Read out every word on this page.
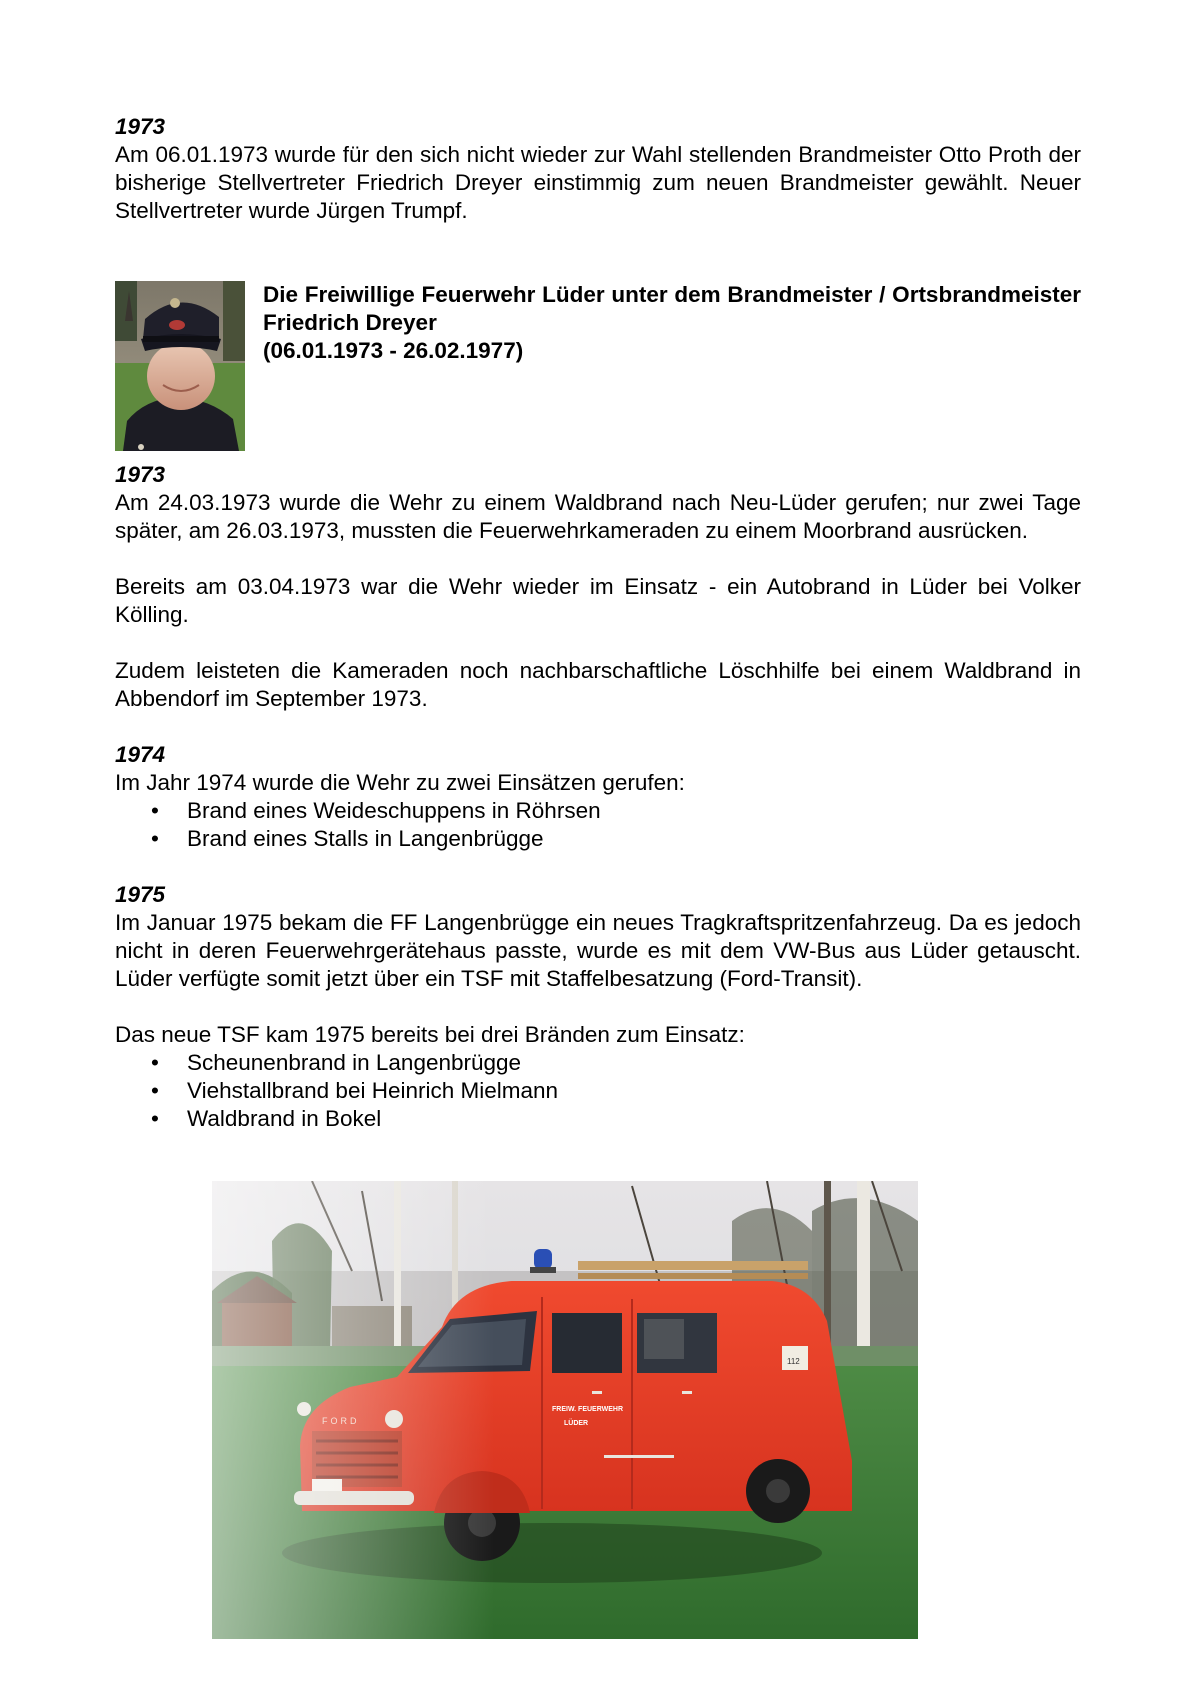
1973

Am 06.01.1973 wurde für den sich nicht wieder zur Wahl stellenden Brandmeister Otto Proth der bisherige Stellvertreter Friedrich Dreyer einstimmig zum neuen Brandmeister gewählt. Neuer Stellvertreter wurde Jürgen Trumpf.

Die Freiwillige Feuerwehr Lüder unter dem Brandmeister / Ortsbrandmeister Friedrich Dreyer
(06.01.1973 - 26.02.1977)
1973

Am 24.03.1973 wurde die Wehr zu einem Waldbrand nach Neu-Lüder gerufen; nur zwei Tage später, am 26.03.1973, mussten die Feuerwehrkameraden zu einem Moorbrand ausrücken.

Bereits am 03.04.1973 war die Wehr wieder im Einsatz - ein Autobrand in Lüder bei Volker Kölling.

Zudem leisteten die Kameraden noch nachbarschaftliche Löschhilfe bei einem Waldbrand in Abbendorf im September 1973.

1974

Im Jahr 1974 wurde die Wehr zu zwei Einsätzen gerufen:

• Brand eines Weideschuppens in Röhrsen
• Brand eines Stalls in Langenbrügge
1975

Im Januar 1975 bekam die FF Langenbrügge ein neues Tragkraftspritzenfahrzeug. Da es jedoch nicht in deren Feuerwehrgerätehaus passte, wurde es mit dem VW-Bus aus Lüder getauscht. Lüder verfügte somit jetzt über ein TSF mit Staffelbesatzung (Ford-Transit).

Das neue TSF kam 1975 bereits bei drei Bränden zum Einsatz:

• Scheunenbrand in Langenbrügge
• Viehstallbrand bei Heinrich Mielmann
• Waldbrand in Bokel
